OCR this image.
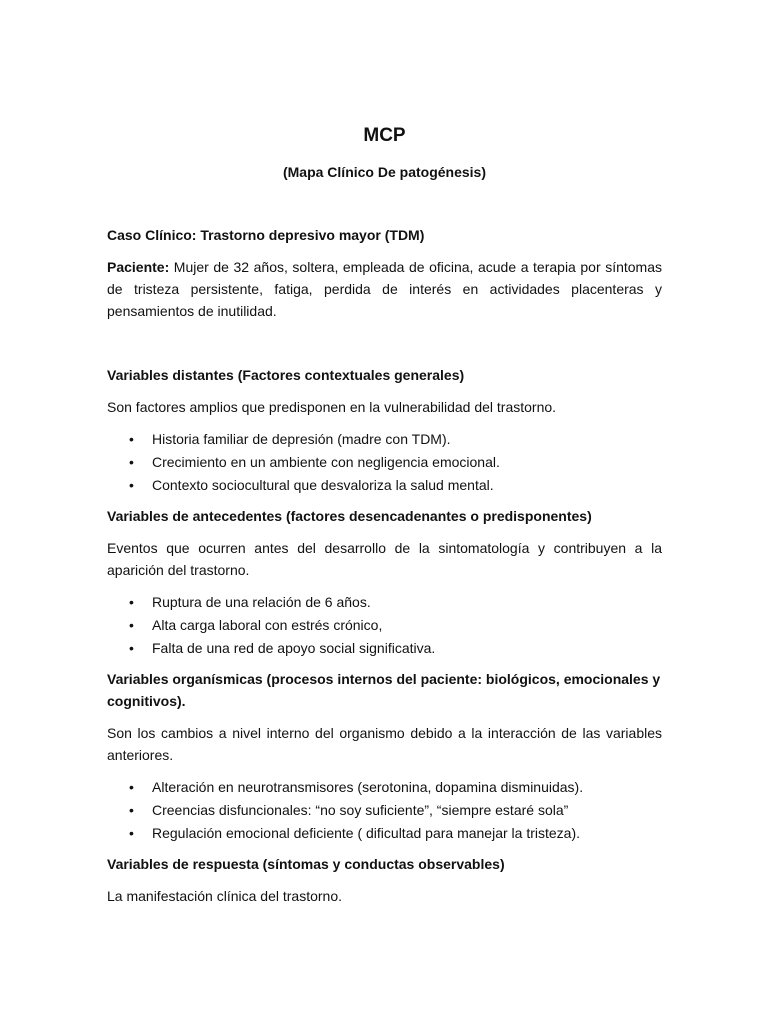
MCP
(Mapa Clínico De patogénesis)
Caso Clínico: Trastorno depresivo mayor (TDM)

Paciente: Mujer de 32 años, soltera, empleada de oficina, acude a terapia por síntomas de tristeza persistente, fatiga, perdida de interés en actividades placenteras y pensamientos de inutilidad.

Variables distantes (Factores contextuales generales)

Son factores amplios que predisponen en la vulnerabilidad del trastorno.

• Historia familiar de depresión (madre con TDM).
• Crecimiento en un ambiente con negligencia emocional.
• Contexto sociocultural que desvaloriza la salud mental.
Variables de antecedentes (factores desencadenantes o predisponentes)

Eventos que ocurren antes del desarrollo de la sintomatología y contribuyen a la aparición del trastorno.

• Ruptura de una relación de 6 años.
• Alta carga laboral con estrés crónico,
• Falta de una red de apoyo social significativa.
Variables organísmicas (procesos internos del paciente: biológicos, emocionales y cognitivos).

Son los cambios a nivel interno del organismo debido a la interacción de las variables anteriores.

• Alteración en neurotransmisores (serotonina, dopamina disminuidas).
• Creencias disfuncionales: “no soy suficiente”, “siempre estaré sola”
• Regulación emocional deficiente ( dificultad para manejar la tristeza).
Variables de respuesta (síntomas y conductas observables)

La manifestación clínica del trastorno.
